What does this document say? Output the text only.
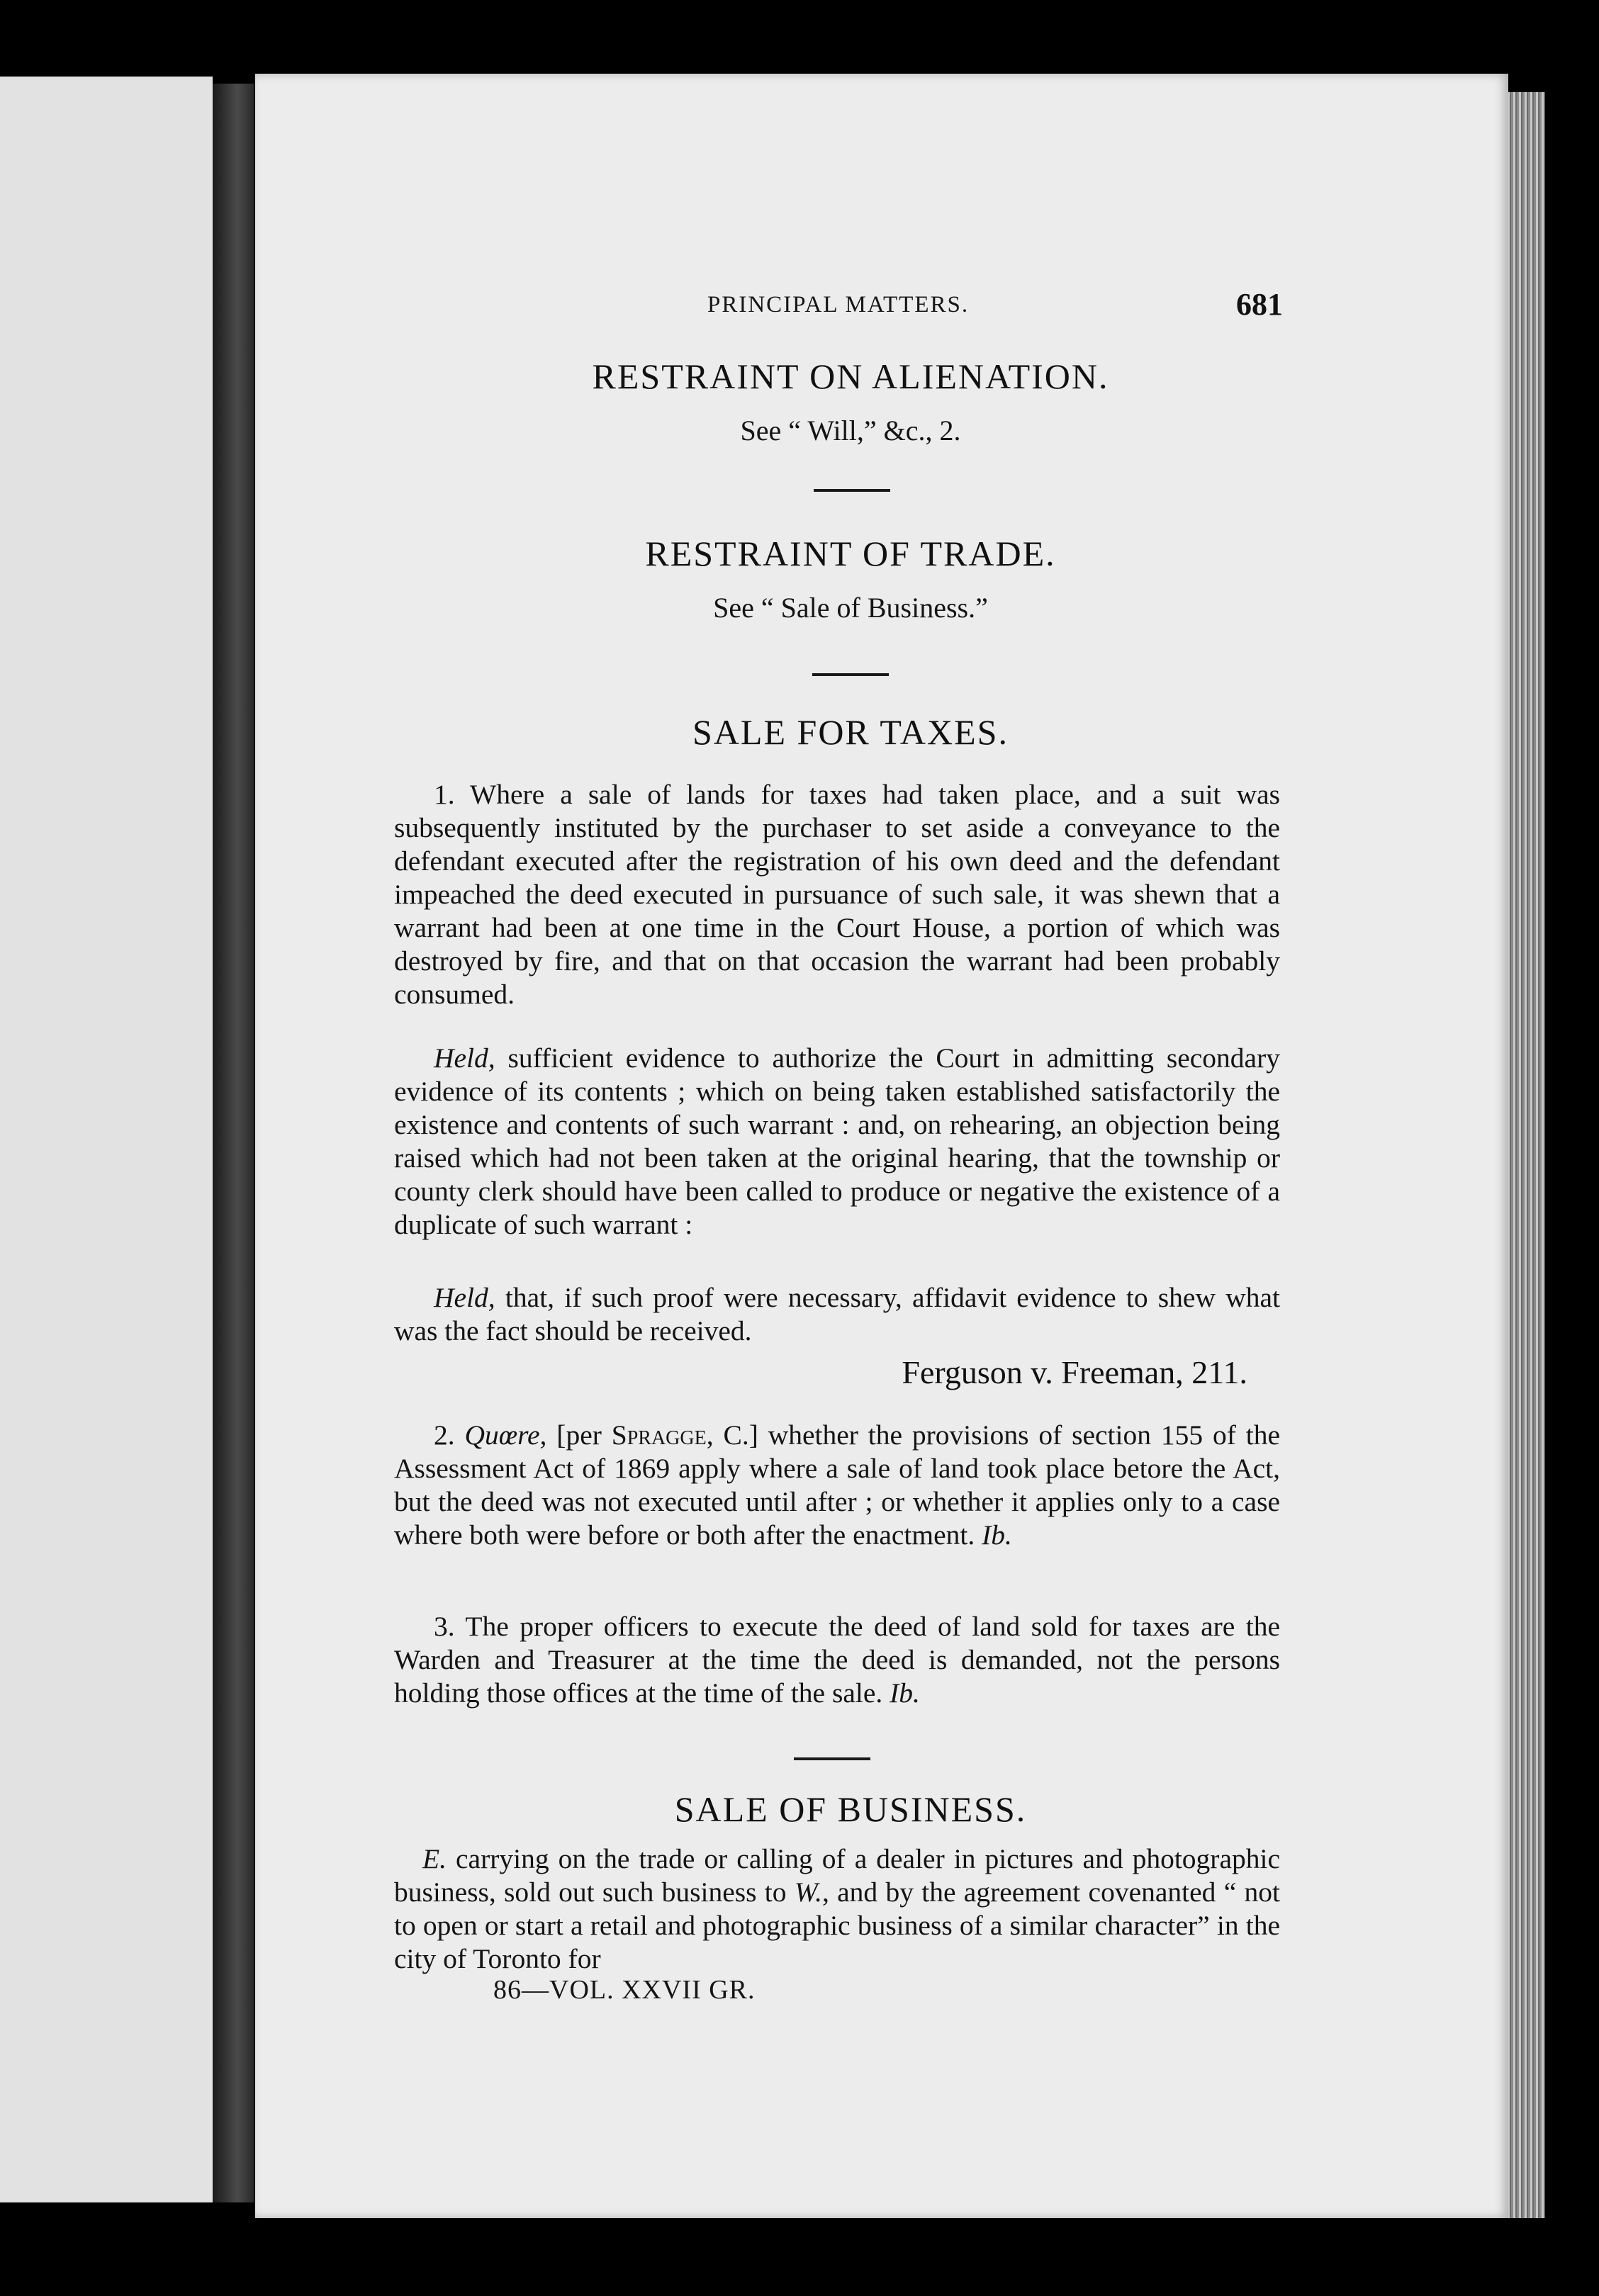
PRINCIPAL MATTERS.	681
RESTRAINT ON ALIENATION.
See “ Will,” &c., 2.
RESTRAINT OF TRADE.
See “ Sale of Business.”
SALE FOR TAXES.
1. Where a sale of lands for taxes had taken place, and a suit was subsequently instituted by the purchaser to set aside a conveyance to the defendant executed after the registration of his own deed and the defendant impeached the deed executed in pursuance of such sale, it was shewn that a warrant had been at one time in the Court House, a portion of which was destroyed by fire, and that on that occasion the warrant had been probably consumed.
Held, sufficient evidence to authorize the Court in admitting secondary evidence of its contents ; which on being taken established satisfactorily the existence and contents of such warrant : and, on rehearing, an objection being raised which had not been taken at the original hearing, that the township or county clerk should have been called to produce or negative the existence of a duplicate of such warrant :
Held, that, if such proof were necessary, affidavit evidence to shew what was the fact should be received.
Ferguson v. Freeman, 211.
2. Quœre, [per Spragge, C.] whether the provisions of section 155 of the Assessment Act of 1869 apply where a sale of land took place betore the Act, but the deed was not executed until after ; or whether it applies only to a case where both were before or both after the enactment. Ib.
3. The proper officers to execute the deed of land sold for taxes are the Warden and Treasurer at the time the deed is demanded, not the persons holding those offices at the time of the sale. Ib.
SALE OF BUSINESS.
E. carrying on the trade or calling of a dealer in pictures and photographic business, sold out such business to W., and by the agreement covenanted “ not to open or start a retail and photographic business of a similar character” in the city of Toronto for
86—VOL. XXVII GR.
